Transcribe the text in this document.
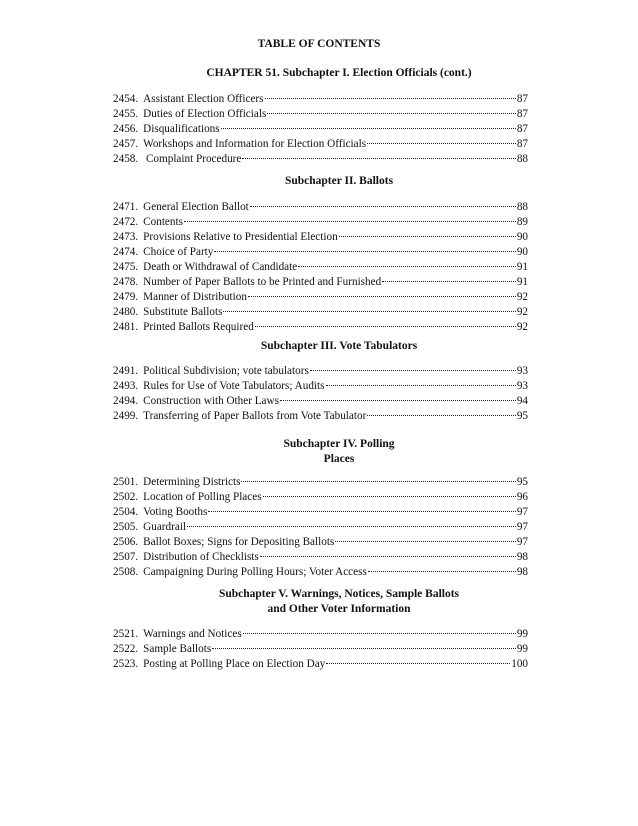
TABLE OF CONTENTS
CHAPTER 51. Subchapter I. Election Officials (cont.)
2454. Assistant Election Officers	87
2455. Duties of Election Officials	87
2456. Disqualifications	87
2457. Workshops and Information for Election Officials	87
2458. Complaint Procedure	88
Subchapter II. Ballots
2471. General Election Ballot	88
2472. Contents	89
2473. Provisions Relative to Presidential Election	90
2474. Choice of Party	90
2475. Death or Withdrawal of Candidate	91
2478. Number of Paper Ballots to be Printed and Furnished	91
2479. Manner of Distribution	92
2480. Substitute Ballots	92
2481. Printed Ballots Required	92
Subchapter III. Vote Tabulators
2491. Political Subdivision; vote tabulators	93
2493. Rules for Use of Vote Tabulators; Audits	93
2494. Construction with Other Laws	94
2499. Transferring of Paper Ballots from Vote Tabulator	95
Subchapter IV. Polling
Places
2501. Determining Districts	95
2502. Location of Polling Places	96
2504. Voting Booths	97
2505. Guardrail	97
2506. Ballot Boxes; Signs for Depositing Ballots	97
2507. Distribution of Checklists	98
2508. Campaigning During Polling Hours; Voter Access	98
Subchapter V. Warnings, Notices, Sample Ballots
and Other Voter Information
2521. Warnings and Notices	99
2522. Sample Ballots	99
2523. Posting at Polling Place on Election Day	100
